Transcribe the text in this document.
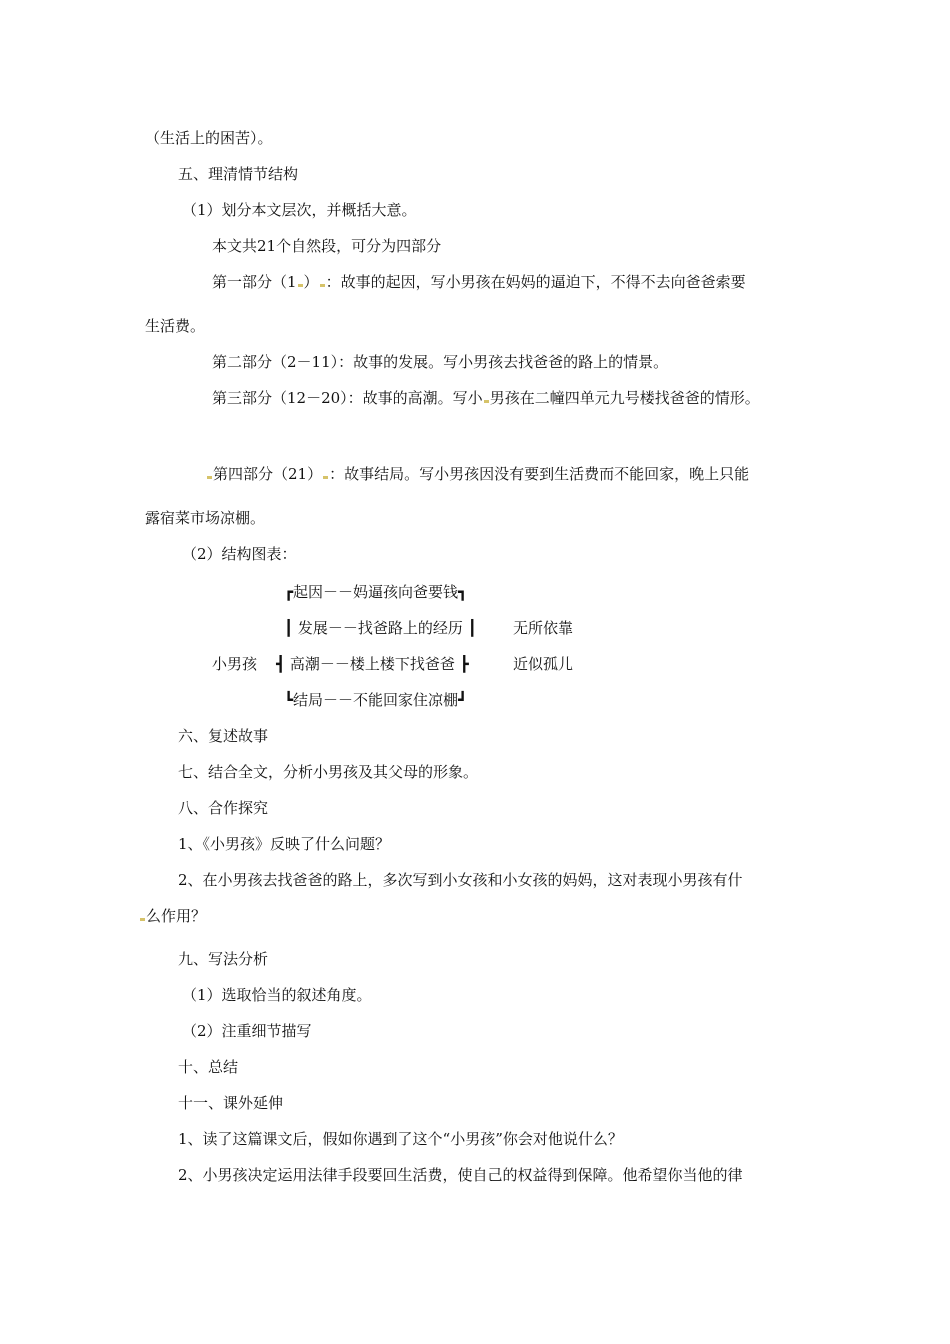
（生活上的困苦）。
五、理清情节结构
（1）划分本文层次，并概括大意。
本文共21个自然段，可分为四部分
第一部分（1 ） ：故事的起因，写小男孩在妈妈的逼迫下，不得不去向爸爸索要
生活费。
第二部分（2－11）：故事的发展。写小男孩去找爸爸的路上的情景。
第三部分（12－20）：故事的高潮。写小 男孩在二幢四单元九号楼找爸爸的情形。
第四部分（21） ：故事结局。写小男孩因没有要到生活费而不能回家，晚上只能
露宿菜市场凉棚。
（2）结构图表：
┏起因－－妈逼孩向爸要钱┓
┃ 发展－－找爸路上的经历 ┃ 无所依靠
小男孩 ┫ 高潮－－楼上楼下找爸爸 ┣	近似孤儿
┗结局－－不能回家住凉棚┛
六、复述故事
七、结合全文，分析小男孩及其父母的形象。
八、合作探究
1、《小男孩》反映了什么问题？
2、在小男孩去找爸爸的路上，多次写到小女孩和小女孩的妈妈，这对表现小男孩有什
么作用？
九、写法分析
（1）选取恰当的叙述角度。
（2）注重细节描写
十、总结
十一、课外延伸
1、读了这篇课文后，假如你遇到了这个“小男孩”你会对他说什么？
2、小男孩决定运用法律手段要回生活费，使自己的权益得到保障。他希望你当他的律
